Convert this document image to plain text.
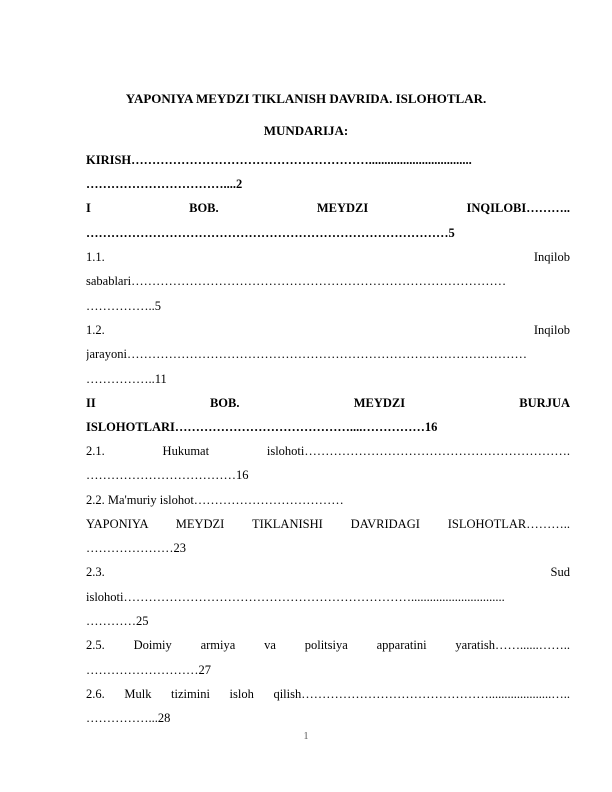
YAPONIYA MEYDZI TIKLANISH DAVRIDA. ISLOHOTLAR.
MUNDARIJA:
KIRISH………………………………………………….................................
……………………………....2
I BOB. MEYDZI INQILOBI………..
……………………………………………………………………………5
1.1. Inqilob
sabablari………………………………………………………………………………
……………..5
1.2. Inqilob
jarayoni……………………………………………………………………………………
……………..11
II BOB. MEYDZI BURJUA
ISLOHOTLARI……………………………………....……………16
2.1. Hukumat islohoti……………………………………………………….
………………………………16
2.2. Ma'muriy islohot………………………………
YAPONIYA MEYDZI TIKLANISHI DAVRIDAGI ISLOHOTLAR………..
…………………23
2.3. Sud
islohoti……………………………………………………………..............................
…………25
2.5. Doimiy armiya va politsiya apparatini yaratish……......……..
………………………27
2.6. Mulk tizimini isloh qilish………………………………………....................…..
……………...28
1
